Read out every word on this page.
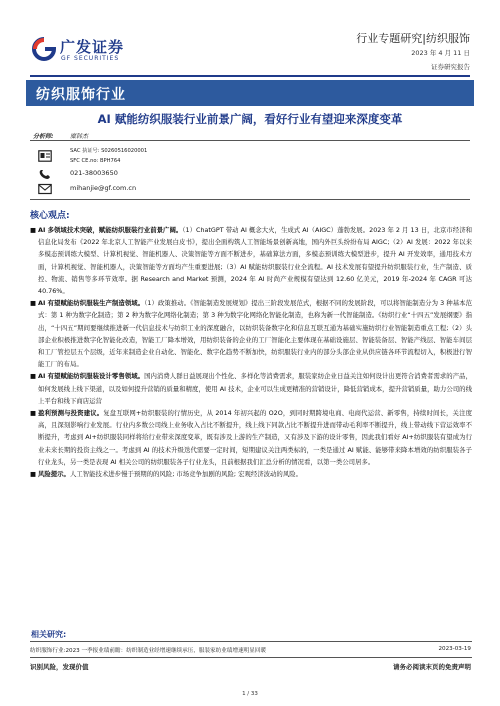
广发证券
GF SECURITIES
行业专题研究|纺织服饰
2023 年 4 月 11 日
证券研究报告
纺织服饰行业
AI 赋能纺织服装行业前景广阔，看好行业有望迎来深度变革
分析师:	糜韩杰
SAC 执证号: S0260516020001
SFC CE.no: BPH764
021-38003650
mihanjie@gf.com.cn
核心观点:
■ AI 多领域技术突破，赋能纺织服装行业前景广阔。（1）ChatGPT 带动 AI 概念大火，生成式 AI（AIGC）蓬勃发展。2023 年 2 月 13 日，北京市经济和信息化局发布《2022 年北京人工智能产业发展白皮书》，提出全面构筑人工智能场景创新高地，国内外巨头纷纷布局 AIGC;（2）AI 发展：2022 年以来多模态预训练大模型、计算机视觉、智能机器人、决策智能等方面不断进步，基础算法方面，多模态预训练大模型进步，提升 AI 开发效率，通用技术方面，计算机视觉、智能机器人，决策智能等方面均产生重要进展;（3）AI 赋能纺织服装行业全流程。AI 技术发展有望提升纺织服装行业，生产制造、质控、物流、销售等多环节效率。据 Research and Market 预测，2024 年 AI 时尚产业规模有望达到 12.60 亿美元，2019 年-2024 年 CAGR 可达 40.76%。
■ AI 有望赋能纺织服装生产制造领域。（1）政策推动。《智能制造发展规划》提出三阶段发展范式，根据不同的发展阶段，可以将智能制造分为 3 种基本范式：第 1 种为数字化制造；第 2 种为数字化网络化制造；第 3 种为数字化网络化智能化制造，也称为新一代智能制造。《纺织行业“十四五”发展纲要》指出，“十四五”期间要继续推进新一代信息技术与纺织工业的深度融合，以纺织装备数字化和信息互联互通为基础实施纺织行业智能制造重点工程;（2）头部企业积极推进数字化智能化改造，智能工厂降本增效，用纺织装备的企业的工厂智能化主要体现在基础设施层、智能装备层、智能产线层、智能车间层和工厂管控层五个层级，近年来制造企业自动化、智能化、数字化趋势不断加快，纺织服装行业内的部分头部企业从供应链各环节流程切入，积极进行智能工厂的布局。
■ AI 有望赋能纺织服装设计零售领域。国内消费人群日益展现出个性化、多样化等消费需求，服装家纺企业日益关注如何设计出更符合消费者需求的产品，如何发展线上线下渠道，以及如何提升营销的质量和精度，使用 AI 技术，企业可以生成更精准的营销设计，降低营销成本，提升营销质量，助力公司的线上平台和线下商店运营
■ 盈利预测与投资建议。复盘互联网+纺织服装的行情历史，从 2014 年初兴起的 O2O，到同时期跨境电商、电商代运营、新零售，持续时间长，关注度高，且深刻影响行业发展。行业内多数公司线上业务收入占比不断提升，线上线下同款占比不断提升进而带动毛利率不断提升，线上带动线下营运效率不断提升，考虑到 AI+纺织服装同样将给行业带来深度变革，既有涉及上游的生产制造，又有涉及下游的设计零售，因此我们看好 AI+纺织服装有望成为行业未来长期的投资主线之一。考虑到 AI 的技术升级迭代需要一定时间，短期建议关注两类标的，一类是通过 AI 赋能、能够带来降本增效的纺织服装各子行业龙头，另一类是表现 AI 相关公司的纺织服装各子行业龙头，且前根据我们汇总分析的情况看，以第一类公司居多。
■ 风险提示。人工智能技术进步慢于预期的的风险; 市场竞争加剧的风险; 宏观经济波动的风险。
相关研究:
纺织服饰行业:2023 一季报业绩前瞻：纺织制造业经增速继续承压，服装家纺业绩增速明显回暖	2023-03-19
识别风险，发现价值	请务必阅读末页的免责声明
1 / 33
